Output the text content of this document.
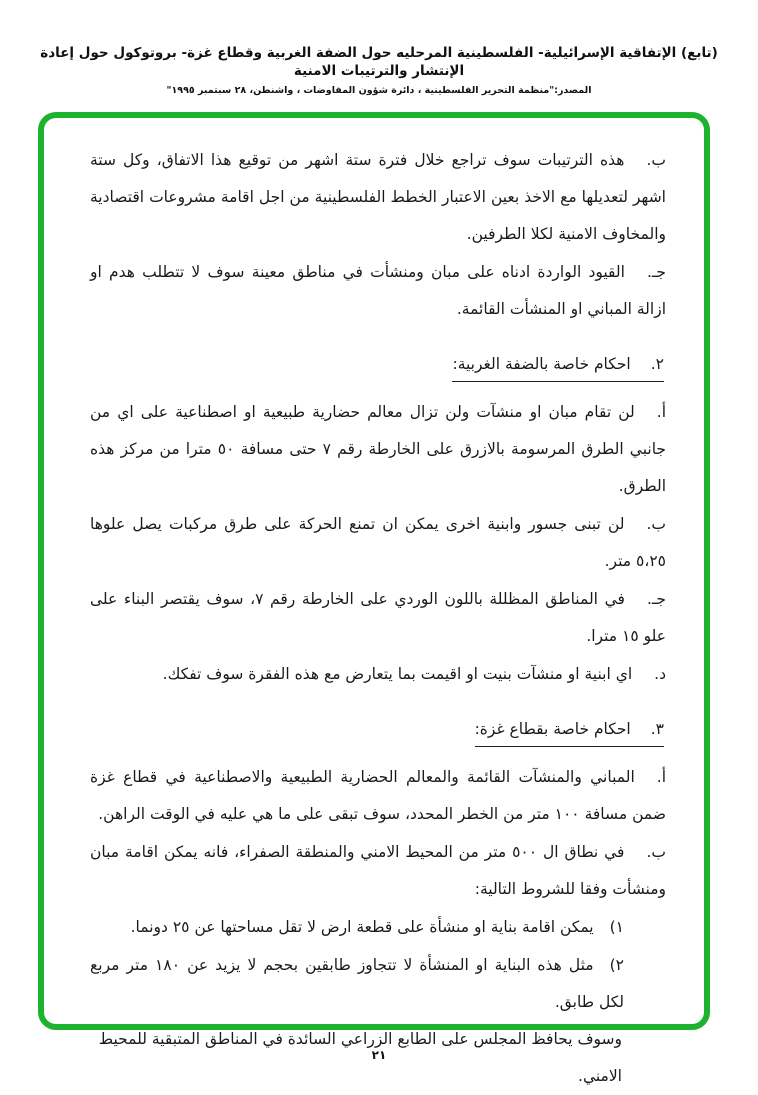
(تابع) الإتفاقية الإسرائيلية- الفلسطينية المرحليه حول الضفة الغربية وقطاع غزة- بروتوكول حول إعادة الإنتشار والترتيبات الامنية
المصدر:"منظمة التحرير الفلسطينية ، دائرة شؤون المفاوضات ، واشنطن، ٢٨ سبتمبر ١٩٩٥"

ب.هذه الترتيبات سوف تراجع خلال فترة ستة اشهر من توقيع هذا الاتفاق، وكل ستة اشهر لتعديلها مع الاخذ بعين الاعتبار الخطط الفلسطينية من اجل اقامة مشروعات اقتصادية والمخاوف الامنية لكلا الطرفين.

جـ.القيود الواردة ادناه على مبان ومنشأت في مناطق معينة سوف لا تتطلب هدم او ازالة المباني او المنشأت القائمة.

٢.احكام خاصة بالضفة الغربية:

أ.لن تقام مبان او منشآت ولن تزال معالم حضارية طبيعية او اصطناعية على اي من جانبي الطرق المرسومة بالازرق على الخارطة رقم ٧ حتى مسافة ٥٠ مترا من مركز هذه الطرق.

ب.لن تبنى جسور وابنية اخرى يمكن ان تمنع الحركة على طرق مركبات يصل علوها ٥،٢٥ متر.

جـ.في المناطق المظللة باللون الوردي على الخارطة رقم ٧، سوف يقتصر البناء على علو ١٥ مترا.

د.اي ابنية او منشآت بنيت او اقيمت بما يتعارض مع هذه الفقرة سوف تفكك.

٣.احكام خاصة بقطاع غزة:

أ.المباني والمنشآت القائمة والمعالم الحضارية الطبيعية والاصطناعية في قطاع غزة ضمن مسافة ١٠٠ متر من الخطر المحدد، سوف تبقى على ما هي عليه في الوقت الراهن.

ب.في نطاق ال ٥٠٠ متر من المحيط الامني والمنطقة الصفراء، فانه يمكن اقامة مبان ومنشأت وفقا للشروط التالية:

١)يمكن اقامة بناية او منشأة على قطعة ارض لا تقل مساحتها عن ٢٥ دونما.

٢)مثل هذه البناية او المنشأة لا تتجاوز طابقين بحجم لا يزيد عن ١٨٠ متر مربع لكل طابق.

وسوف يحافظ المجلس على الطابع الزراعي السائدة في المناطق المتبقية للمحيط الامني.
٢١
